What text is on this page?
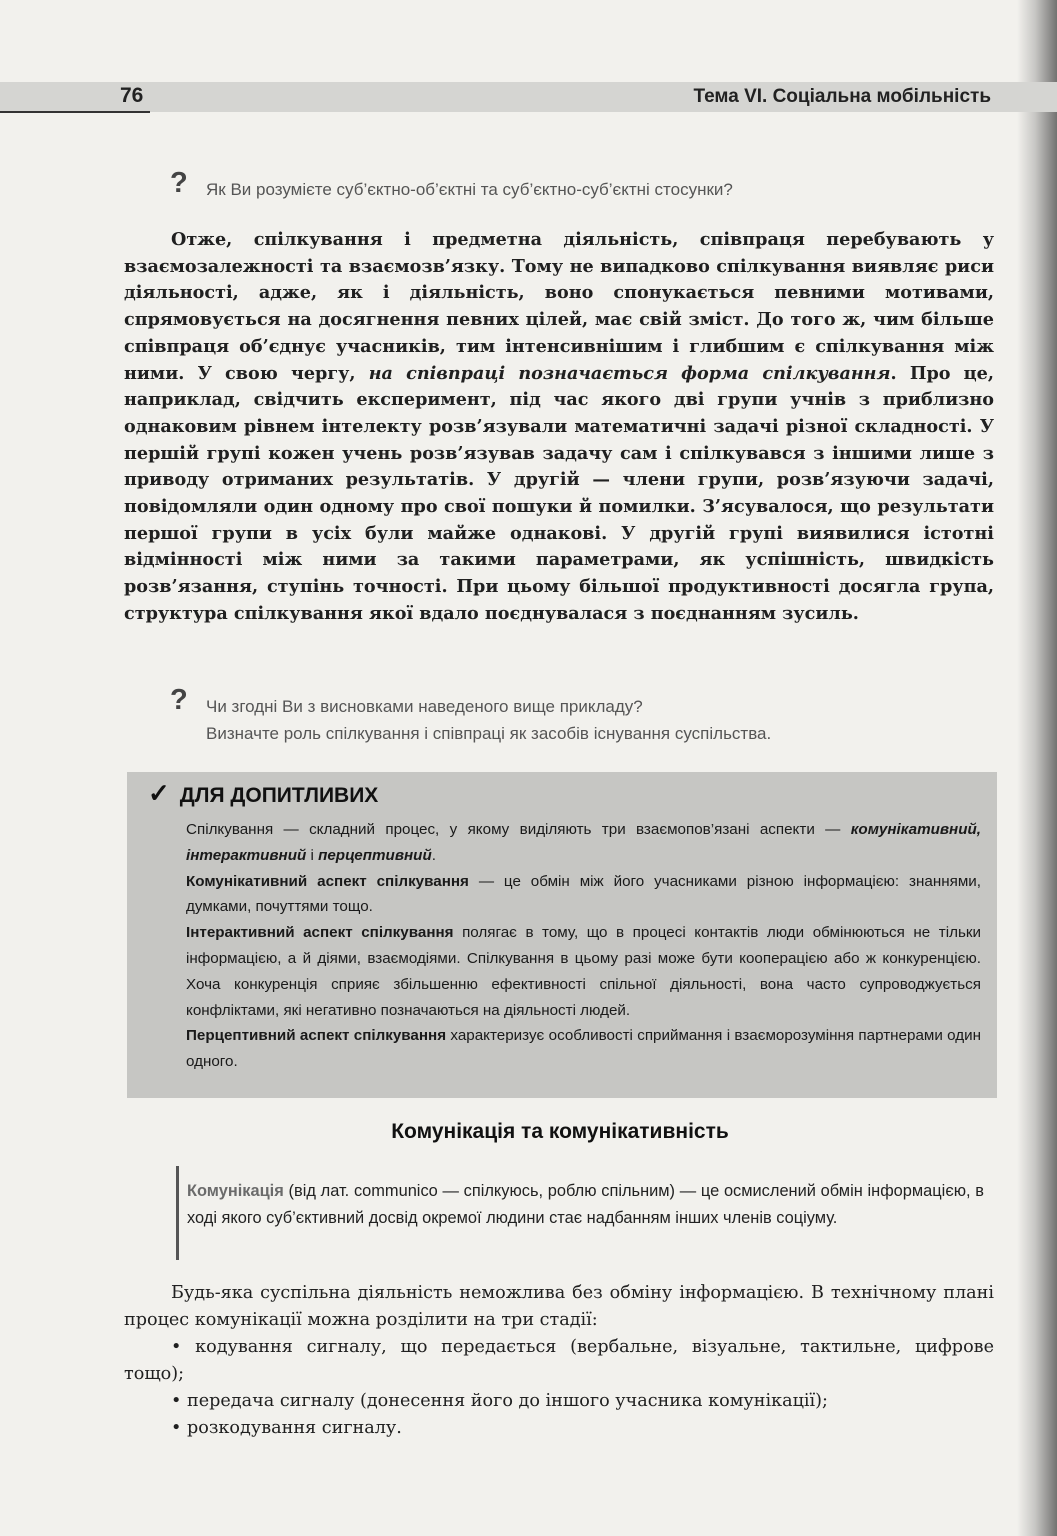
76	Тема VI. Соціальна мобільність
? Як Ви розумієте суб’єктно-об’єктні та суб’єктно-суб’єктні стосунки?
Отже, спілкування і предметна діяльність, співпраця перебувають у взаємозалежності та взаємозв’язку. Тому не випадково спілкування виявляє риси діяльності, адже, як і діяльність, воно спонукається певними мотивами, спрямовується на досягнення певних цілей, має свій зміст. До того ж, чим більше співпраця об’єднує учасників, тим інтенсивнішим і глибшим є спілкування між ними. У свою чергу, на співпраці позначається форма спілкування. Про це, наприклад, свідчить експеримент, під час якого дві групи учнів з приблизно однаковим рівнем інтелекту розв’язували математичні задачі різної складності. У першій групі кожен учень розв’язував задачу сам і спілкувався з іншими лише з приводу отриманих результатів. У другій — члени групи, розв’язуючи задачі, повідомляли один одному про свої пошуки й помилки. З’ясувалося, що результати першої групи в усіх були майже однакові. У другій групі виявилися істотні відмінності між ними за такими параметрами, як успішність, швидкість розв’язання, ступінь точності. При цьому більшої продуктивності досягла група, структура спілкування якої вдало поєднувалася з поєднанням зусиль.
? Чи згодні Ви з висновками наведеного вище прикладу?
Визначте роль спілкування і співпраці як засобів існування суспільства.
✓ ДЛЯ ДОПИТЛИВИХ

Спілкування — складний процес, у якому виділяють три взаємопов’язані аспекти — комунікативний, інтерактивний і перцептивний.

Комунікативний аспект спілкування — це обмін між його учасниками різною інформацією: знаннями, думками, почуттями тощо.

Інтерактивний аспект спілкування полягає в тому, що в процесі контактів люди обмінюються не тільки інформацією, а й діями, взаємодіями. Спілкування в цьому разі може бути кооперацією або ж конкуренцією. Хоча конкуренція сприяє збільшенню ефективності спільної діяльності, вона часто супроводжується конфліктами, які негативно позначаються на діяльності людей.

Перцептивний аспект спілкування характеризує особливості сприймання і взаєморозуміння партнерами один одного.

Комунікація та комунікативність
Комунікація (від лат. communico — спілкуюсь, роблю спільним) — це осмислений обмін інформацією, в ході якого суб’єктивний досвід окремої людини стає надбанням інших членів соціуму.
Будь-яка суспільна діяльність неможлива без обміну інформацією. В технічному плані процес комунікації можна розділити на три стадії:
• кодування сигналу, що передається (вербальне, візуальне, тактильне, цифрове тощо);
• передача сигналу (донесення його до іншого учасника комунікації);
• розкодування сигналу.
